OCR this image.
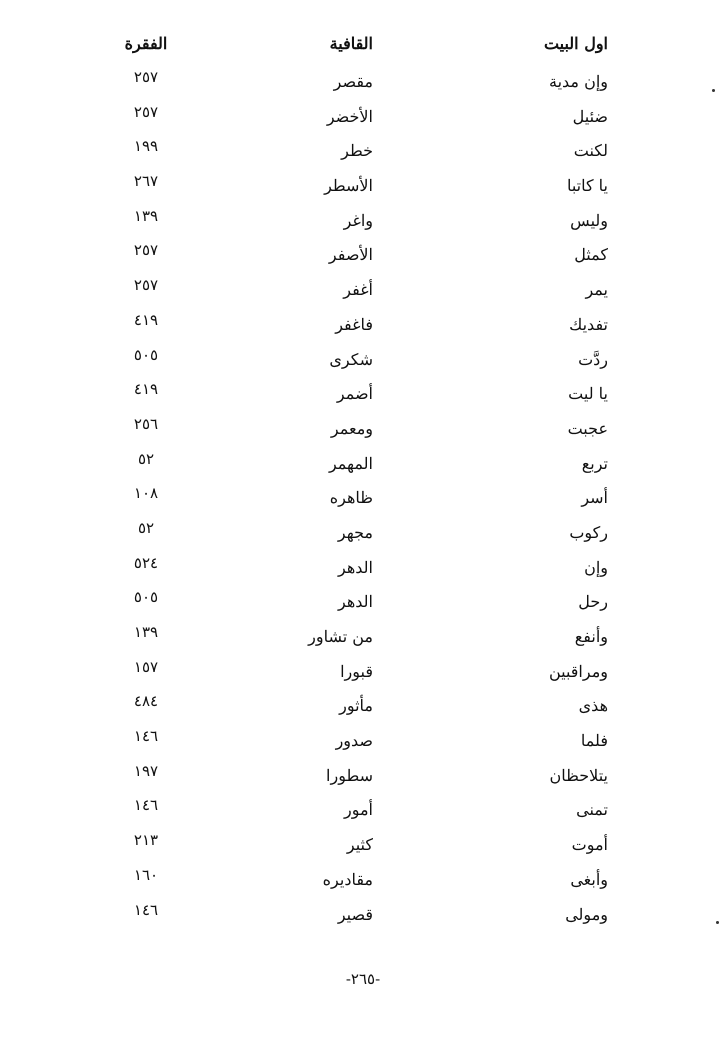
اول البيت
القافية
الفقرة
وإن مدية
مقصر
٢٥٧
ضئيل
الأخضر
٢٥٧
لكنت
خطر
١٩٩
يا كاتبا
الأسطر
٢٦٧
وليس
واغر
١٣٩
كمثل
الأصفر
٢٥٧
يمر
أغفر
٢٥٧
تفديك
فاغفر
٤١٩
ردَّت
شكرى
٥٠٥
يا ليت
أضمر
٤١٩
عجبت
ومعمر
٢٥٦
تربع
المهمر
٥٢
أسر
ظاهره
١٠٨
ركوب
مجهر
٥٢
وإن
الدهر
٥٢٤
رحل
الدهر
٥٠٥
وأنفع
من تشاور
١٣٩
ومراقبين
قبورا
١٥٧
هذى
مأثور
٤٨٤
فلما
صدور
١٤٦
يتلاحظان
سطورا
١٩٧
تمنى
أمور
١٤٦
أموت
كثير
٢١٣
وأبغى
مقاديره
١٦٠
ومولى
قصير
١٤٦
-٢٦٥-
